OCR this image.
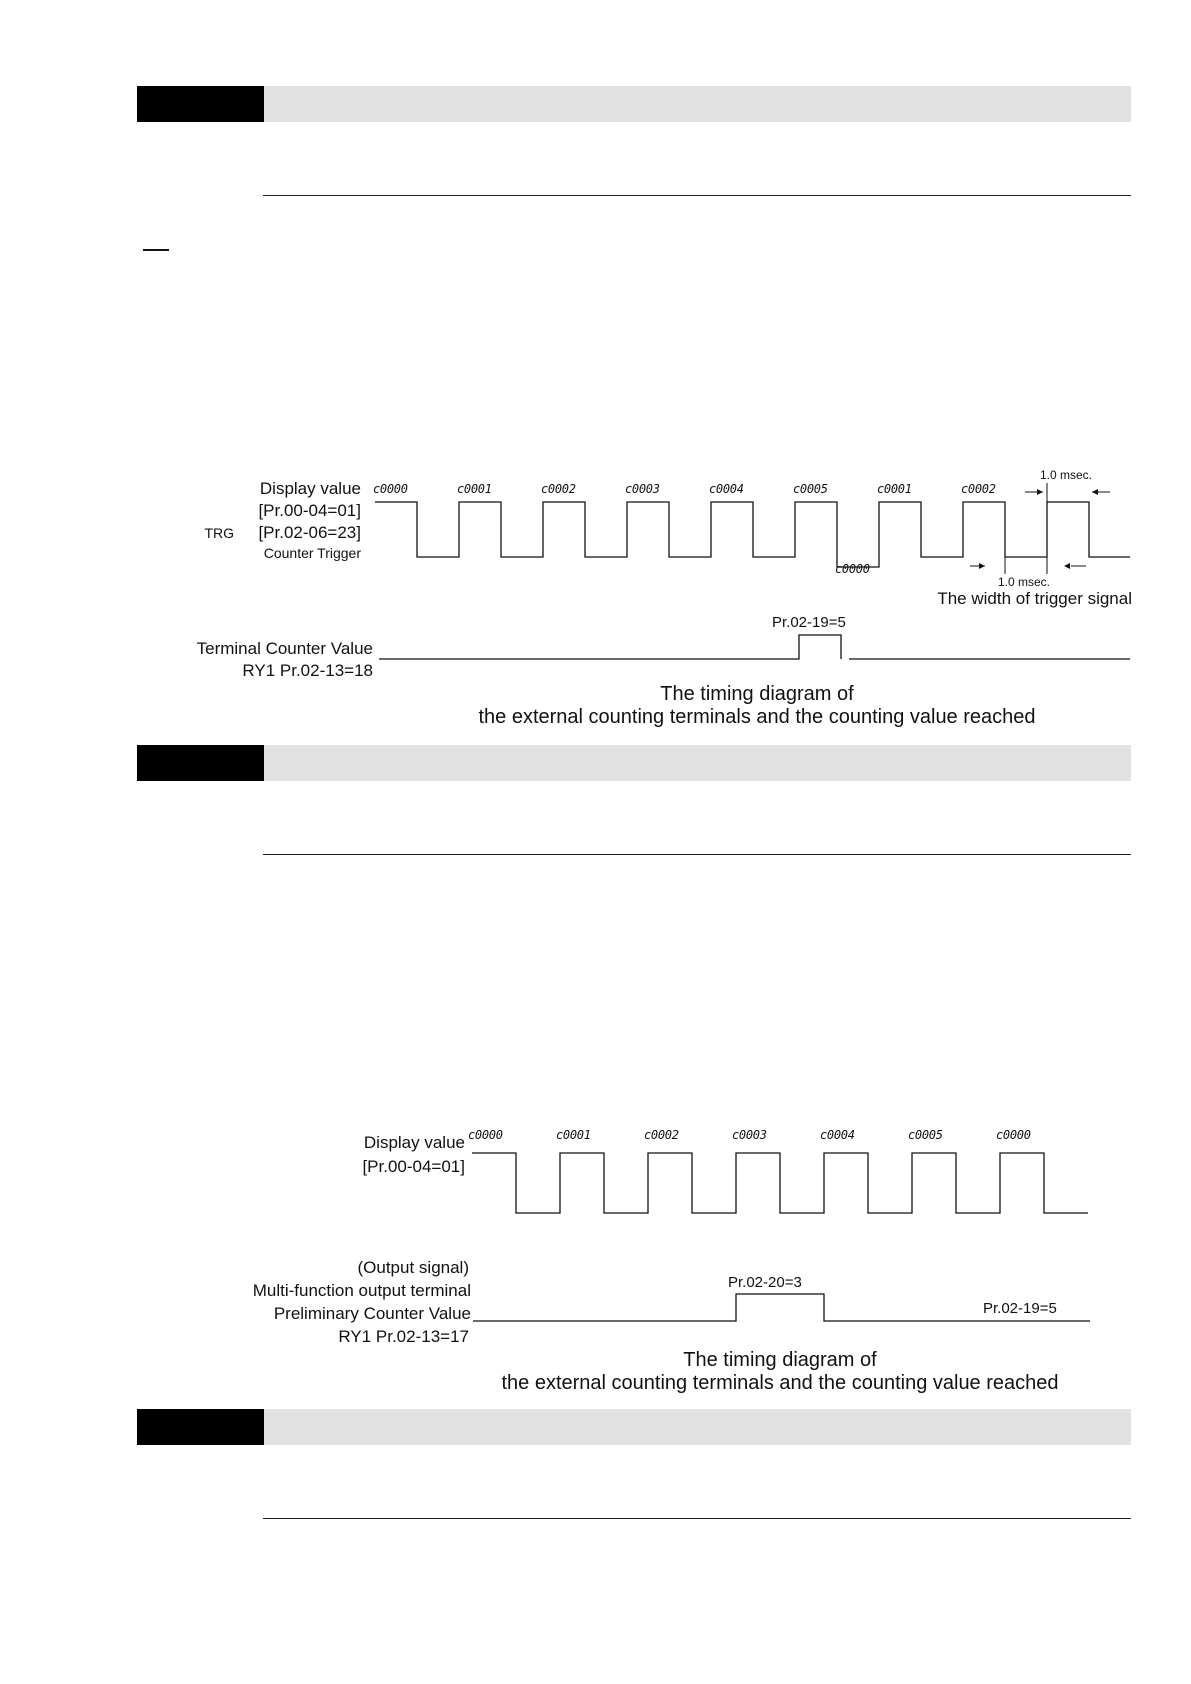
Display value
[Pr.00-04=01]
TRG [Pr.02-06=23]
Counter Trigger
c0000	c0001	c0002	c0003	c0004	c0005	c0001	c0002
c0000
1.0 msec.
1.0 msec.
The width of trigger signal
Pr.02-19=5
Terminal Counter Value
RY1 Pr.02-13=18
The timing diagram of
the external counting terminals and the counting value reached
Display value
[Pr.00-04=01]
c0000	c0001	c0002	c0003	c0004	c0005	c0000
(Output signal)
Multi-function output terminal
Preliminary Counter Value
RY1 Pr.02-13=17
Pr.02-20=3
Pr.02-19=5
The timing diagram of
the external counting terminals and the counting value reached
